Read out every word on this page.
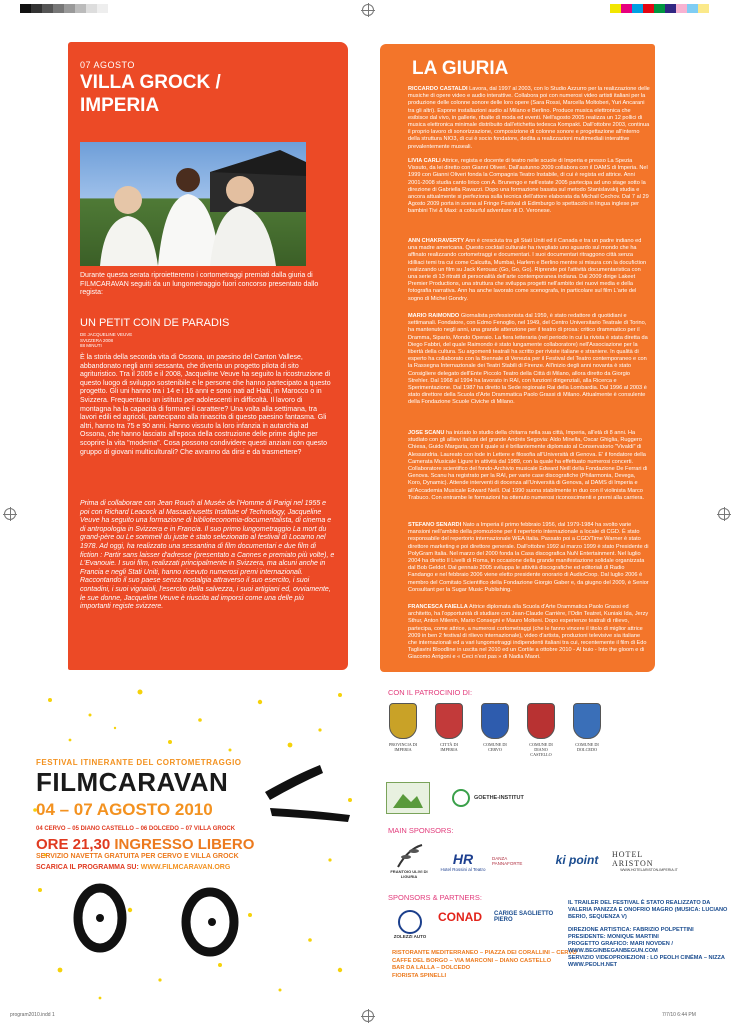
07 AGOSTO
VILLA GROCK /
IMPERIA
Durante questa serata riproietteremo i cortometraggi premiati dalla giuria di FILMCARAVAN seguiti da un lungometraggio fuori concorso presentato dallo regista:
UN PETIT COIN DE PARADIS
DE JACQUELINE VEUVE
SVIZZERA 2008
88 MINUTI
È la storia della seconda vita di Ossona, un paesino del Canton Vallese, abbandonato negli anni sessanta, che diventa un progetto pilota di sito agrituristico. Tra il 2005 e il 2008, Jacqueline Veuve ha seguito la ricostruzione di questo luogo di sviluppo sostenibile e le persone che hanno partecipato a questo progetto. Gli uni hanno tra i 14 e i 16 anni e sono nati ad Haiti, in Marocco o in Svizzera. Frequentano un istituto per adolescenti in difficoltà. Il lavoro di montagna ha la capacità di formare il carattere? Una volta alla settimana, tra lavori edili ed agricoli, partecipano alla rinascita di questo paesino fantasma. Gli altri, hanno tra 75 e 90 anni. Hanno vissuto la loro infanzia in autarchia ad Ossona, che hanno lasciato all'epoca della costruzione delle prime dighe per scoprire la vita "moderna". Cosa possono condividere questi anziani con questo gruppo di giovani multiculturali? Che avranno da dirsi e da trasmettere?
Prima di collaborare con Jean Rouch al Musée de l'Homme di Parigi nel 1955 e poi con Richard Leacock al Massachusetts Institute of Technology, Jacqueline Veuve ha seguito una formazione di biblioteconomia-documentalista, di cinema e di antropologia in Svizzera e in Francia. Il suo primo lungometraggio La mort du grand-père ou Le sommeil du juste è stato selezionato al festival di Locarno nel 1978. Ad oggi, ha realizzato una sessantina di film documentari e due film di fiction : Partir sans laisser d'adresse (presentato a Cannes e premiato più volte), e L'Evanouie. I suoi film, realizzati principalmente in Svizzera, ma alcuni anche in Francia e negli Stati Uniti, hanno ricevuto numerosi premi internazionali. Raccontando il suo paese senza nostalgia attraverso il suo esercito, i suoi contadini, i suoi vignaioli, l'esercito della salvezza, i suoi artigiani ed, ovviamente, le sue donne, Jacqueline Veuve è riuscita ad imporsi come una delle più importanti registe svizzere.
LA GIURIA
RICCARDO CASTALDI Lavora, dal 1997 al 2003, con lo Studio Azzurro per la realizzazione delle musiche di opere video e audio interattive. Collabora poi con numerosi video artisti italiani per la produzione delle colonne sonore delle loro opere (Sara Rossi, Marcella Moltoberi, Yuri Ancarani tra gli altri). Espone installazioni audio al Milano e Berlino. Produce musica elettronica che esibisce dal vivo, in gallerie, ribalte di moda ed eventi. Nell'agosto 2005 realizza un 12 pollici di musica elettronica minimale distribuito dall'etichetta tedesca Kompakt. Dall'ottobre 2003, continua il proprio lavoro di sonorizzazione, composizione di colonne sonore e progettazione all'interno della struttura NIO3, di cui è socio fondatore, dedita a realizzazioni multimediali interattive prevalentemente museali.
LIVIA CARLI Attrice, regista e docente di teatro nelle scuole di Imperia e presso La Spezia Vissuto, da lei diretto con Gianni Oliveri. Dall'autunno 2009 collabora con il DAMS di Imperia. Nel 1999 con Gianni Oliveri fonda la Compagnia Teatro Instabile, di cui è regista ed attrice. Anni 2001-2008 studia canto lirico con A. Brunengo e nell'estate 2005 partecipa ad uno stage sotto la direzione di Gabriella Ravazzi. Dopo una formazione basata sul metodo Stanislavskij studia e ancora attualmente si perfeziona sulla tecnica dell'attore elaborata da Michail Cechov. Dal 7 al 29 Agosto 2009 porta in scena al Fringe Festival di Edimburgo lo spettacolo in lingua inglese per bambini Tivi & Maxi: a colourful adventure di D. Veronese.
ANN CHAKRAVERTY Ann è cresciuta tra gli Stati Uniti ed il Canada e tra un padre indiano ed una madre americana. Questo cocktail culturale ha rivegliato uno sguardo sul mondo che ha affinato realizzando cortometraggi e documentari. I suoi documentari ritraggono città senza idilliaci temi tra cui come Calcutta, Mumbai, Harlem e Berlino mentre si misura con la docufiction realizzando un film su Jack Kerouac (Go, Go, Go). Riprende poi l'attività documentaristica con una serie di 13 ritratti di personalità dell'arte contemporanea indiana. Dal 2009 dirige Lakeet Premier Productions, una struttura che sviluppa progetti nell'ambito dei nuovi media e della fotografia narrativa. Ann ha anche lavorato come scenografa, in particolare sul film L'arte del sogno di Michel Gondry.
MARIO RAIMONDO Giornalista professionista dal 1959, è stato redattore di quotidiani e settimanali. Fondatore, con Edmo Fenoglio, nel 1949, del Centro Universitario Teatrale di Torino, ha mantenuto negli anni, una grande attenzione per il teatro di prosa: critico drammatico per il Dramma, Sipario, Mondo Operaio. La fiera letteraria (nel periodo in cui la rivista è stata diretta da Diego Fabbri, del quale Raimondo è stato lungamente collaboratore) nell'Associazione per la libertà della cultura. Su argomenti teatrali ha scritto per riviste italiane e straniere. In qualità di esperto ha collaborato con la Biennale di Venezia per il Festival del Teatro contemporaneo e con la Rassegna Internazionale dei Teatri Stabili di Firenze. All'inizio degli anni novanta è stato Consigliere delegato dell'Ente Piccolo Teatro della Città di Milano, allora diretto da Giorgio Strehler. Dal 1968 al 1994 ha lavorato in RAI, con funzioni dirigenziali, alla Ricerca e Sperimentazione. Dal 1987 ha diretto la Sede regionale Rai della Lombardia. Dal 1996 al 2003 è stato direttore della Scuola d'Arte Drammatica Paolo Grassi di Milano. Attualmente è consulente della Fondazione Scuole Civiche di Milano.
JOSE SCANU ha iniziato lo studio della chitarra nella sua città, Imperia, all'età di 8 anni. Ha studiato con gli allievi italiani del grande Andrés Segovia: Aldo Minella, Oscar Ghiglia, Ruggero Chiesa, Guido Margaria, con il quale si è brillantemente diplomato al Conservatorio "Vivaldi" di Alessandria. Laureato con lode in Lettere e filosofia all'Università di Genova. E' il fondatore della Camerata Musicale Ligure in attività dal 1989, con la quale ha effettuato numerosi concerti. Collaboratore scientifico del fondo-Archivio musicale Edward Neill della Fondazione De Ferrari di Genova. Scanu ha registrato per la RAI, per varie case discografiche (Philarmonia, Devega, Koro, Dynamic). Attende interventi di docenza all'Università di Genova, al DAMS di Imperia e all'Accademia Musicale Edward Neill. Dal 1990 suona stabilmente in duo con il violinista Marco Trabuco. Con entrambe le formazioni ha ottenuto numerosi riconoscimenti e premi alla carriera.
STEFANO SENARDI Nato a Imperia il primo febbraio 1956, dal 1979-1984 ha svolto varie mansioni nell'ambito della promozione per il repertorio internazionale a locale di CGD. È stato responsabile del repertorio internazionale WEA Italia. Passato poi a CGD/Time Warner è stato direttore marketing e poi direttore generale. Dall'ottobre 1992 al marzo 1999 è stato Presidente di PolyGram Italia. Nel marzo del 2000 fonda la Casa discografica NuN Entertainment. Nel luglio 2004 ha diretto Il Livelli di Roma, in occasione della grande manifestazione solidale organizzata dal Bob Geldof. Dal gennaio 2005 sviluppa le attività discografiche ed editoriali di Radio Fandango e nel febbraio 2006 viene eletto presidente onorario di AudioCoop. Dal luglio 2006 è membro del Comitato Scientifico della Fondazione Giorgio Gaber e, da giugno del 2009, è Senior Consultant per la Sugar Music Publishing.
FRANCESCA FAIELLA Attrice diplomata alla Scuola d'Arte Drammatica Paolo Grassi ed architetto, ha l'opportunità di studiare con Jean-Claude Carrière, l'Odin Teatret, Kuniaki Ida, Jerzy Sthur, Anton Milenin, Mario Consegni e Mauro Molteni. Dopo esperienze teatrali di rilievo, partecipa, come attrice, a numerosi cortometraggi (che le fanno vincere il titolo di miglior attrice 2009 in ben 2 festival di rilievo internazionale), video d'artista, produzioni televisive sia italiane che internazionali ed a vari lungometraggi indipendenti italiani tra cui, recentemente il film di Edo Tagliavini Bloodline in uscita nel 2010 ed un Cortile a ottobre 2010 - Al buio - Into the gloom e di Giacomo Arrigoni e « Ceci n'est pas » di Nadia Maori.
FESTIVAL ITINERANTE DEL CORTOMETRAGGIO
FILMCARAVAN
04 – 07 AGOSTO 2010
04 CERVO – 05 DIANO CASTELLO – 06 DOLCEDO – 07 VILLA GROCK
ORE 21,30 INGRESSO LIBERO
SERVIZIO NAVETTA GRATUITA PER CERVO E VILLA GROCK
SCARICA IL PROGRAMMA SU: WWW.FILMCARAVAN.ORG
CON IL PATROCINIO DI:
PROVINCIA DI IMPERIA
CITTÀ DI IMPERIA
COMUNE DI CERVO
COMUNE DI DIANO CASTELLO
COMUNE DI DOLCEDO
GOETHE-INSTITUT
MAIN SPONSORS:
FRANTOIO ULIVI DI LIGURIA
HR
Hotel Rossini al Teatro
DANZA PANNAFORTE	ki point	HOTEL ARISTON
WWW.HOTELARISTON-IMPERIA.IT
SPONSORS & PARTNERS:
ZOLEZZI AUTO
CONAD	CARIGE SAGLIETTO PIERO
RISTORANTE MEDITERRANEO – PIAZZA DEI CORALLINI – CERVO
CAFFE DEL BORGO – VIA MARCONI – DIANO CASTELLO
BAR DA LALLA – DOLCEDO
FIORISTA SPINELLI
IL TRAILER DEL FESTIVAL È STATO REALIZZATO DA VALERIA PANIZZA E ONOFRIO MAGRO (MUSICA: LUCIANO BERIO, SEQUENZA V)
DIREZIONE ARTISTICA: FABRIZIO POLPETTINI
PRESIDENTE: MONIQUE MARTINI
PROGETTO GRAFICO: MARI NOVDEN / WWW.BEGINBEGANBEGUN.COM
SERVIZIO VIDEOPROIEZIONI : LO PEOLH CINÉMA – NIZZA WWW.PEOLH.NET
program2010.indd 1	7/7/10 6:44 PM
